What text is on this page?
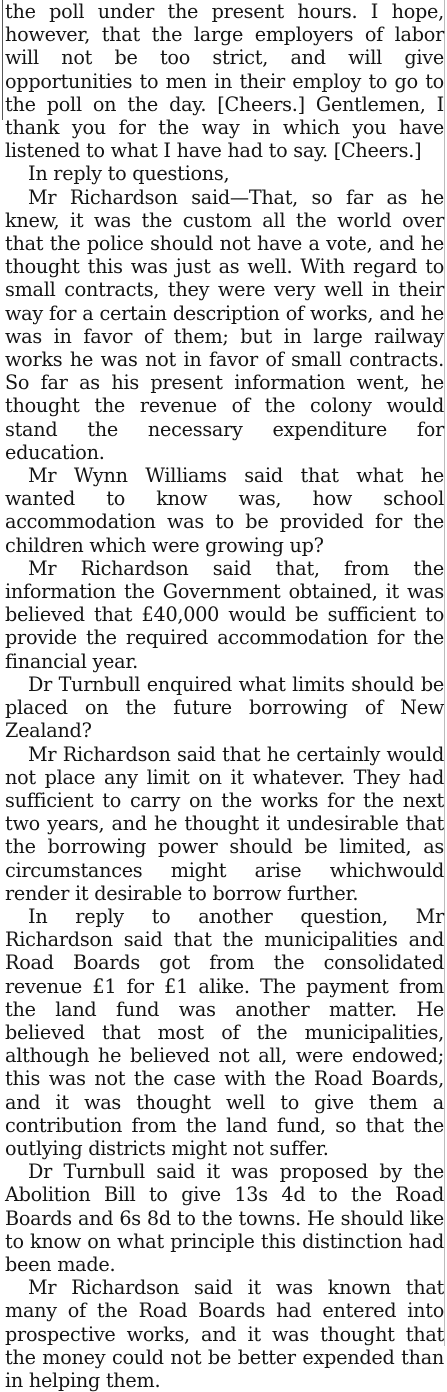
the poll under the present hours. I hope, however, that the large employers of labor will not be too strict, and will give opportunities to men in their employ to go to the poll on the day. [Cheers.] Gentlemen, I thank you for the way in which you have listened to what I have had to say. [Cheers.]

In reply to questions,

Mr Richardson said—That, so far as he knew, it was the custom all the world over that the police should not have a vote, and he thought this was just as well. With regard to small contracts, they were very well in their way for a certain description of works, and he was in favor of them; but in large railway works he was not in favor of small contracts. So far as his present information went, he thought the revenue of the colony would stand the necessary expenditure for education.

Mr Wynn Williams said that what he wanted to know was, how school accommodation was to be provided for the children which were growing up?

Mr Richardson said that, from the information the Government obtained, it was believed that £40,000 would be sufficient to provide the required accommodation for the financial year.

Dr Turnbull enquired what limits should be placed on the future borrowing of New Zealand?

Mr Richardson said that he certainly would not place any limit on it whatever. They had sufficient to carry on the works for the next two years, and he thought it undesirable that the borrowing power should be limited, as circumstances might arise whichwould render it desirable to borrow further.

In reply to another question, Mr Richardson said that the municipalities and Road Boards got from the consolidated revenue £1 for £1 alike. The payment from the land fund was another matter. He believed that most of the municipalities, although he believed not all, were endowed; this was not the case with the Road Boards, and it was thought well to give them a contribution from the land fund, so that the outlying districts might not suffer.

Dr Turnbull said it was proposed by the Abolition Bill to give 13s 4d to the Road Boards and 6s 8d to the towns. He should like to know on what principle this distinction had been made.

Mr Richardson said it was known that many of the Road Boards had entered into prospective works, and it was thought that the money could not be better expended than in helping them.
